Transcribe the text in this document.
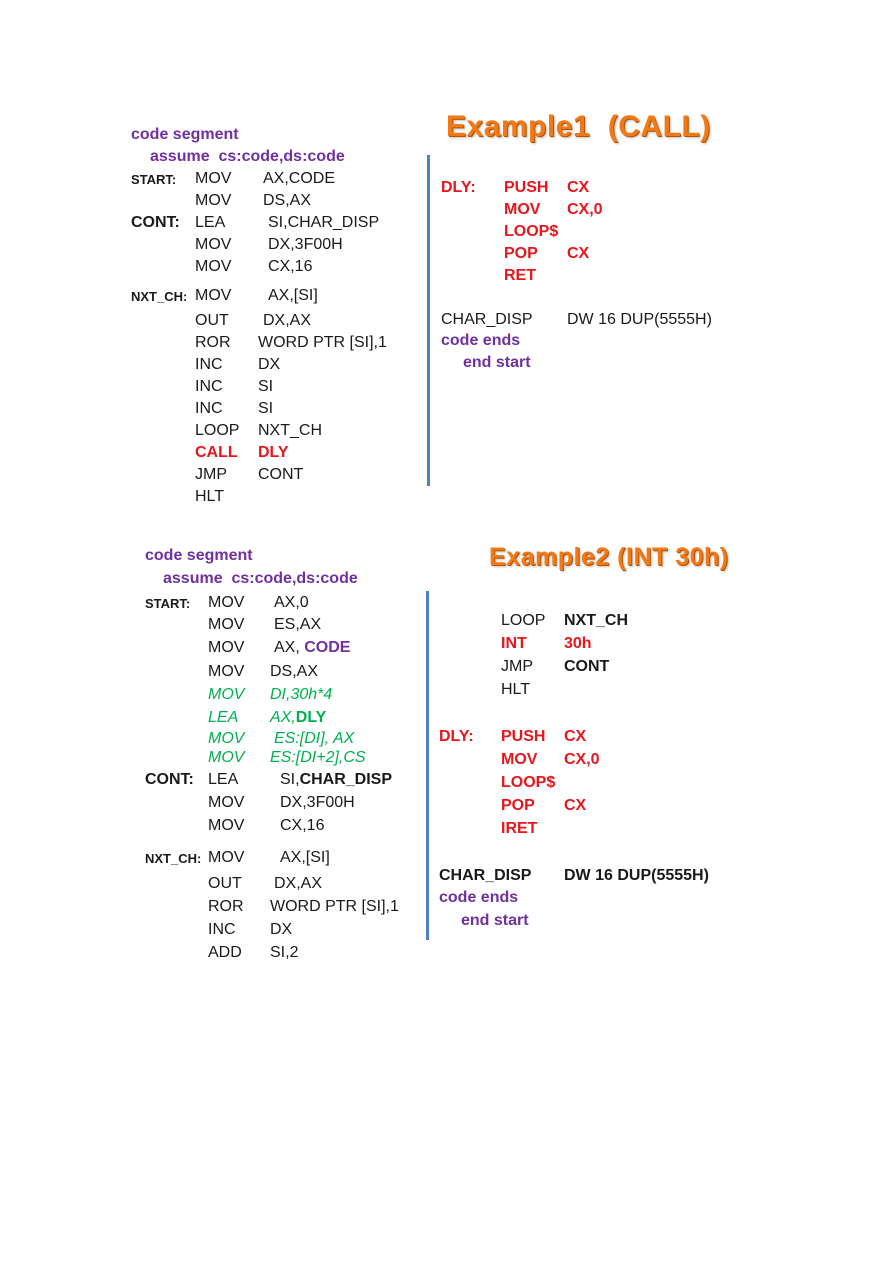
Example1  (CALL)
code segment
assume  cs:code,ds:code
START: MOV AX,CODE
MOV DS,AX
CONT: LEA	SI,CHAR_DISP
MOV DX,3F00H
MOV CX,16
NXT_CH: MOV AX,[SI]
OUT DX,AX
ROR WORD PTR [SI],1
INC DX
INC SI
INC SI
LOOP NXT_CH
CALL DLY
JMP CONT
HLT
DLY: PUSH CX
MOV CX,0
LOOP$
POP CX
RET
CHAR_DISP DW 16 DUP(5555H)
code ends
end start
Example2 (INT 30h)
code segment
assume  cs:code,ds:code
START: MOV AX,0
MOV ES,AX
MOV AX, CODE
MOV DS,AX
MOV DI,30h*4
LEA AX,DLY
MOV ES:[DI], AX
MOV ES:[DI+2],CS
CONT: LEA	SI,CHAR_DISP
MOV DX,3F00H
MOV CX,16
NXT_CH: MOV AX,[SI]
OUT DX,AX
ROR WORD PTR [SI],1
INC DX
ADD SI,2
LOOP NXT_CH
INT 30h
JMP CONT
HLT
DLY: PUSH CX
MOV CX,0
LOOP$
POP CX
IRET
CHAR_DISP DW 16 DUP(5555H)
code ends
end start
